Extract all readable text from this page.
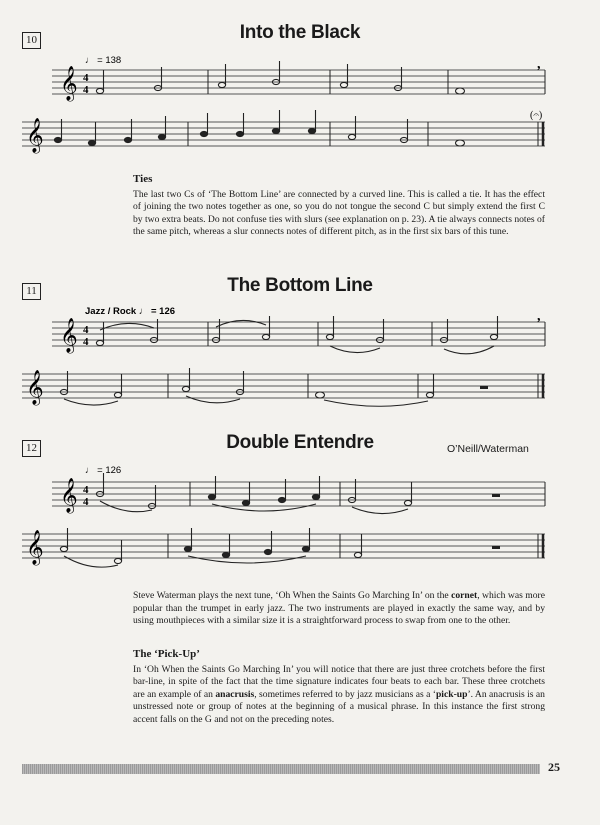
10	Into the Black
♩ = 138
𝄞 4
4
,
𝄞
(𝄐)
Ties
The last two Cs of ‘The Bottom Line’ are connected by a curved line. This is called a tie. It has the effect of joining the two notes together as one, so you do not tongue the second C but simply extend the first C by two extra beats. Do not confuse ties with slurs (see explanation on p. 23). A tie always connects notes of the same pitch, whereas a slur connects notes of different pitch, as in the first six bars of this tune.
11	The Bottom Line
Jazz / Rock ♩ = 126
𝄞 4
4
,
𝄞
12	Double Entendre	O’Neill/Waterman
♩ = 126
𝄞 4
4
𝄞
Steve Waterman plays the next tune, ‘Oh When the Saints Go Marching In’ on the cornet, which was more popular than the trumpet in early jazz. The two instruments are played in exactly the same way, and by using mouthpieces with a similar size it is a straightforward process to swap from one to the other.
The ‘Pick-Up’
In ‘Oh When the Saints Go Marching In’ you will notice that there are just three crotchets before the first bar-line, in spite of the fact that the time signature indicates four beats to each bar. These three crotchets are an example of an anacrusis, sometimes referred to by jazz musicians as a ‘pick-up’. An anacrusis is an unstressed note or group of notes at the beginning of a musical phrase. In this instance the first strong accent falls on the G and not on the preceding notes.
25
